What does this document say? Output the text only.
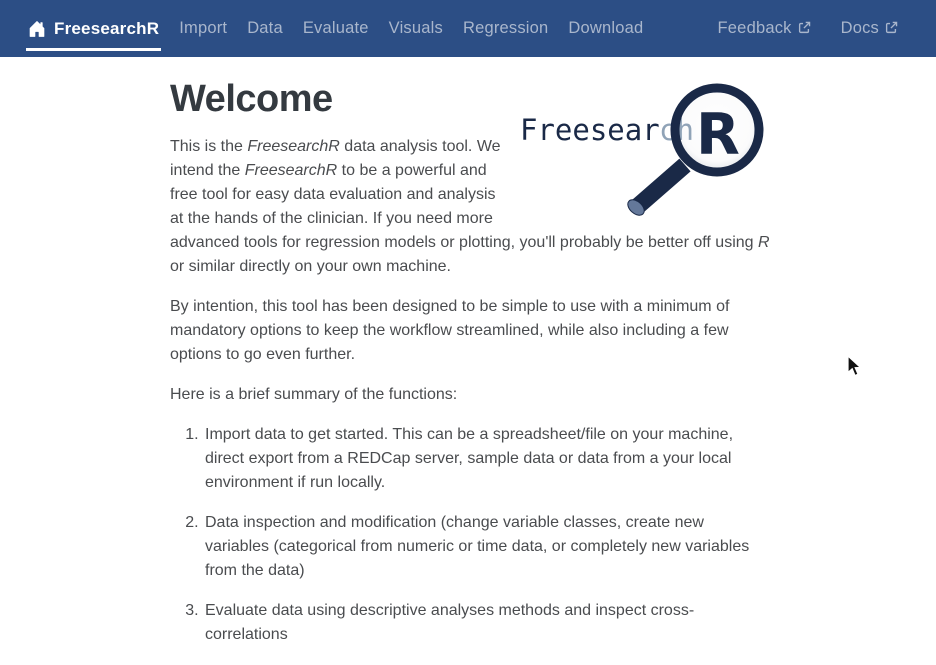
FreesearchR	Import	Data	Evaluate	Visuals	Regression	Download	Feedback	Docs
Freesear ch R
Welcome

This is the FreesearchR data analysis tool. We intend the FreesearchR to be a powerful and free tool for easy data evaluation and analysis at the hands of the clinician. If you need more advanced tools for regression models or plotting, you'll probably be better off using R or similar directly on your own machine.

By intention, this tool has been designed to be simple to use with a minimum of mandatory options to keep the workflow streamlined, while also including a few options to go even further.

Here is a brief summary of the functions:

1. Import data to get started. This can be a spreadsheet/file on your machine, direct export from a REDCap server, sample data or data from a your local environment if run locally.
2. Data inspection and modification (change variable classes, create new variables (categorical from numeric or time data, or completely new variables from the data)
3. Evaluate data using descriptive analyses methods and inspect cross-correlations
